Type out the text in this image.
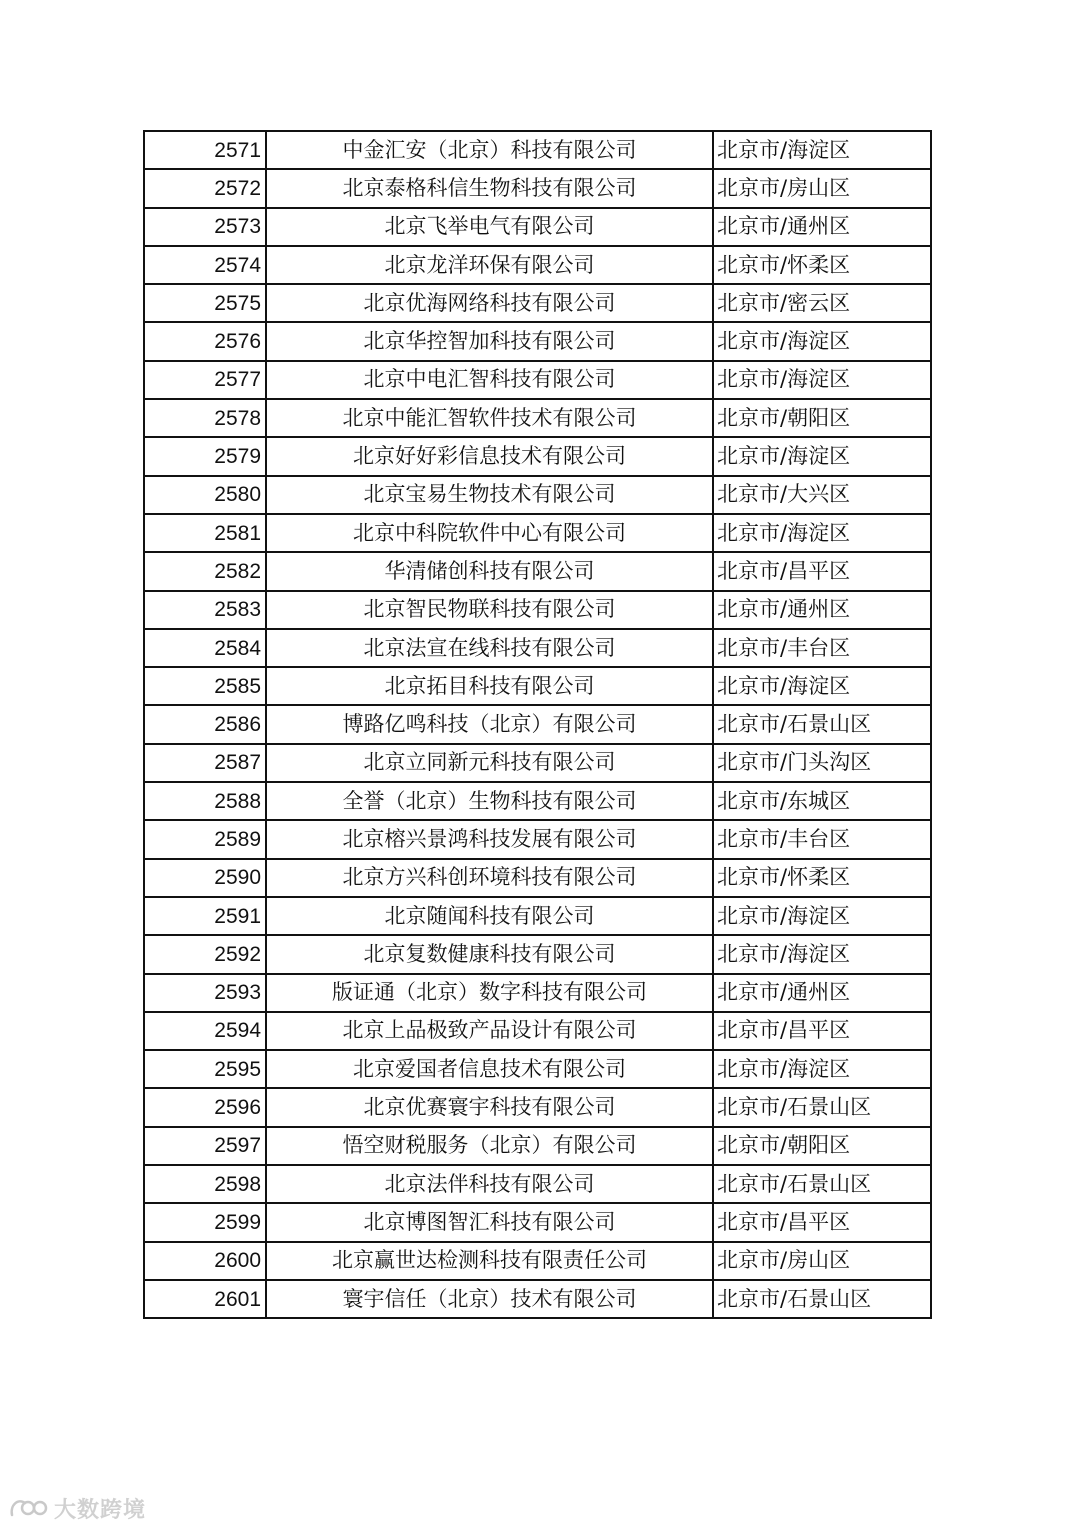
2571	中金汇安（北京）科技有限公司	北京市/海淀区
2572	北京泰格科信生物科技有限公司	北京市/房山区
2573	北京飞举电气有限公司	北京市/通州区
2574	北京龙洋环保有限公司	北京市/怀柔区
2575	北京优海网络科技有限公司	北京市/密云区
2576	北京华控智加科技有限公司	北京市/海淀区
2577	北京中电汇智科技有限公司	北京市/海淀区
2578	北京中能汇智软件技术有限公司	北京市/朝阳区
2579	北京好好彩信息技术有限公司	北京市/海淀区
2580	北京宝易生物技术有限公司	北京市/大兴区
2581	北京中科院软件中心有限公司	北京市/海淀区
2582	华清储创科技有限公司	北京市/昌平区
2583	北京智民物联科技有限公司	北京市/通州区
2584	北京法宣在线科技有限公司	北京市/丰台区
2585	北京拓目科技有限公司	北京市/海淀区
2586	博路亿鸣科技（北京）有限公司	北京市/石景山区
2587	北京立同新元科技有限公司	北京市/门头沟区
2588	全誉（北京）生物科技有限公司	北京市/东城区
2589	北京榕兴景鸿科技发展有限公司	北京市/丰台区
2590	北京方兴科创环境科技有限公司	北京市/怀柔区
2591	北京随闻科技有限公司	北京市/海淀区
2592	北京复数健康科技有限公司	北京市/海淀区
2593	版证通（北京）数字科技有限公司	北京市/通州区
2594	北京上品极致产品设计有限公司	北京市/昌平区
2595	北京爱国者信息技术有限公司	北京市/海淀区
2596	北京优赛寰宇科技有限公司	北京市/石景山区
2597	悟空财税服务（北京）有限公司	北京市/朝阳区
2598	北京法伴科技有限公司	北京市/石景山区
2599	北京博图智汇科技有限公司	北京市/昌平区
2600	北京赢世达检测科技有限责任公司	北京市/房山区
2601	寰宇信任（北京）技术有限公司	北京市/石景山区
大数跨境
